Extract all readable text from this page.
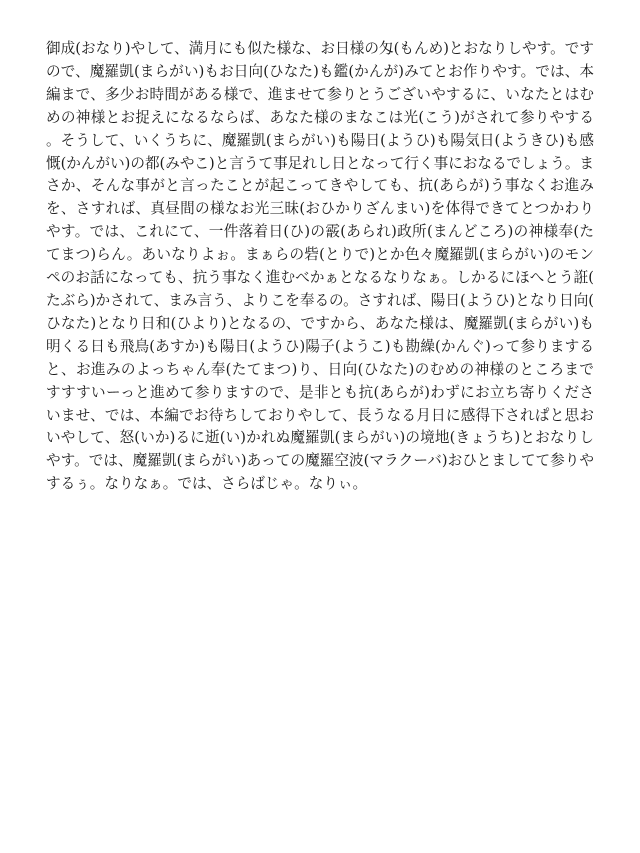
御成(おなり)やして、満月にも似た様な、お日様の匁(もんめ)とおなりしやす。ですので、魔羅凱(まらがい)もお日向(ひなた)も鑑(かんが)みてとお作りやす。では、本編まで、多少お時間がある様で、進ませて参りとうございやするに、いなたとはむめの神様とお捉えになるならば、あなた様のまなこは光(こう)がされて参りやする。そうして、いくうちに、魔羅凱(まらがい)も陽日(ようひ)も陽気日(ようきひ)も感慨(かんがい)の都(みやこ)と言うて事足れし日となって行く事におなるでしょう。まさか、そんな事がと言ったことが起こってきやしても、抗(あらが)う事なくお進みを、さすれば、真昼間の様なお光三昧(おひかりざんまい)を体得できてとつかわりやす。では、これにて、一件落着日(ひ)の霰(あられ)政所(まんどころ)の神様奉(たてまつ)らん。あいなりよぉ。まぁらの砦(とりで)とか色々魔羅凱(まらがい)のモンペのお話になっても、抗う事なく進むべかぁとなるなりなぁ。しかるにほへとう誑(たぶら)かされて、まみ言う、よりこを奉るの。さすれば、陽日(ようひ)となり日向(ひなた)となり日和(ひより)となるの、ですから、あなた様は、魔羅凱(まらがい)も明くる日も飛鳥(あすか)も陽日(ようひ)陽子(ようこ)も勘繰(かんぐ)って参りますると、お進みのよっちゃん奉(たてまつ)り、日向(ひなた)のむめの神様のところまですすすいーっと進めて参りますので、是非とも抗(あらが)わずにお立ち寄りくださいませ、では、本編でお待ちしておりやして、長うなる月日に感得下されぱと思おいやして、怒(いか)るに逝(い)かれぬ魔羅凱(まらがい)の境地(きょうち)とおなりしやす。では、魔羅凱(まらがい)あっての魔羅空波(マラクーバ)おひとましてて参りやするぅ。なりなぁ。では、さらばじゃ。なりぃ。
